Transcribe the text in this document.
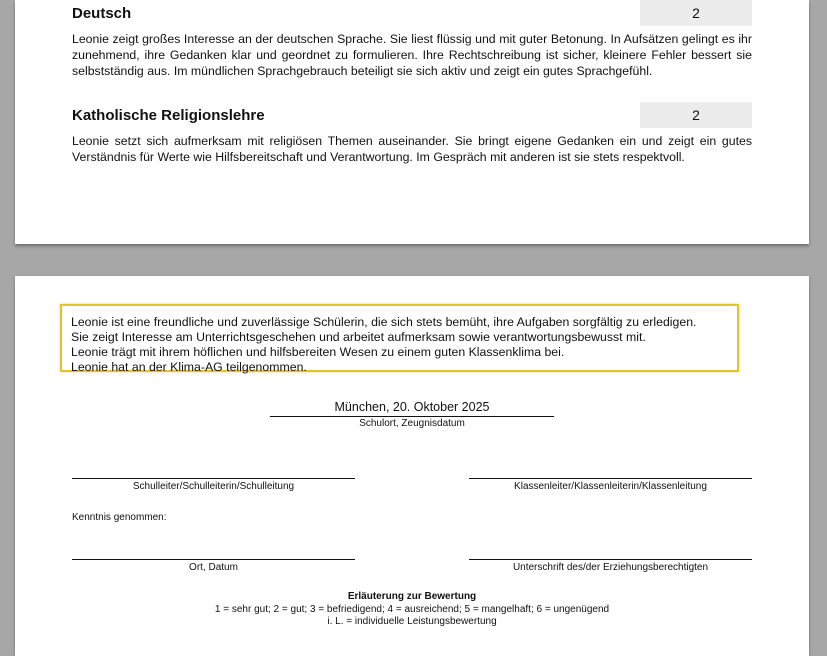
Deutsch	2
Leonie zeigt großes Interesse an der deutschen Sprache. Sie liest flüssig und mit guter Betonung. In Aufsätzen gelingt es ihr zunehmend, ihre Gedanken klar und geordnet zu formulieren. Ihre Rechtschreibung ist sicher, kleinere Fehler bessert sie selbstständig aus. Im mündlichen Sprachgebrauch beteiligt sie sich aktiv und zeigt ein gutes Sprachgefühl.
Katholische Religionslehre	2
Leonie setzt sich aufmerksam mit religiösen Themen auseinander. Sie bringt eigene Gedanken ein und zeigt ein gutes Verständnis für Werte wie Hilfsbereitschaft und Verantwortung. Im Gespräch mit anderen ist sie stets respektvoll.
Leonie ist eine freundliche und zuverlässige Schülerin, die sich stets bemüht, ihre Aufgaben sorgfältig zu erledigen.
Sie zeigt Interesse am Unterrichtsgeschehen und arbeitet aufmerksam sowie verantwortungsbewusst mit.
Leonie trägt mit ihrem höflichen und hilfsbereiten Wesen zu einem guten Klassenklima bei.
Leonie hat an der Klima-AG teilgenommen.
München, 20. Oktober 2025
Schulort, Zeugnisdatum
Schulleiter/Schulleiterin/Schulleitung	Klassenleiter/Klassenleiterin/Klassenleitung
Kenntnis genommen:
Ort, Datum	Unterschrift des/der Erziehungsberechtigten
Erläuterung zur Bewertung
1 = sehr gut; 2 = gut; 3 = befriedigend; 4 = ausreichend; 5 = mangelhaft; 6 = ungenügend
i. L. = individuelle Leistungsbewertung
